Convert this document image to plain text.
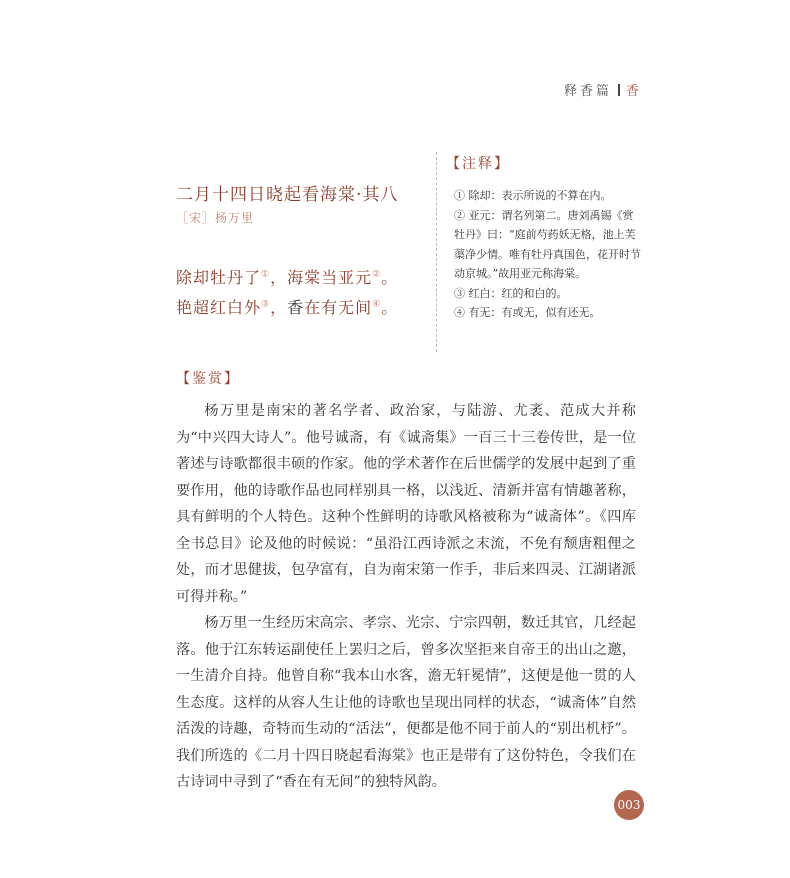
释香篇 香
二月十四日晓起看海棠·其八
［宋］杨万里
除却牡丹了①，海棠当亚元②。
艳超红白外③，香在有无间④。
【注释】

① 除却：表示所说的不算在内。

② 亚元：谓名列第二。唐刘禹锡《赏牡丹》曰：“庭前芍药妖无格，池上芙蕖净少情。唯有牡丹真国色，花开时节动京城。”故用亚元称海棠。

③ 红白：红的和白的。

④ 有无：有或无，似有还无。

【鉴赏】

杨万里是南宋的著名学者、政治家，与陆游、尤袤、范成大并称为“中兴四大诗人”。他号诚斋，有《诚斋集》一百三十三卷传世，是一位著述与诗歌都很丰硕的作家。他的学术著作在后世儒学的发展中起到了重要作用，他的诗歌作品也同样别具一格，以浅近、清新并富有情趣著称，具有鲜明的个人特色。这种个性鲜明的诗歌风格被称为“诚斋体”。《四库全书总目》论及他的时候说：“虽沿江西诗派之末流，不免有颓唐粗俚之处，而才思健拔，包孕富有，自为南宋第一作手，非后来四灵、江湖诸派可得并称。”

杨万里一生经历宋高宗、孝宗、光宗、宁宗四朝，数迁其官，几经起落。他于江东转运副使任上罢归之后，曾多次坚拒来自帝王的出山之邀，一生清介自持。他曾自称“我本山水客，澹无轩冕情”，这便是他一贯的人生态度。这样的从容人生让他的诗歌也呈现出同样的状态，“诚斋体”自然活泼的诗趣，奇特而生动的“活法”，便都是他不同于前人的“别出机杼”。我们所选的《二月十四日晓起看海棠》也正是带有了这份特色，令我们在古诗词中寻到了“香在有无间”的独特风韵。

003
